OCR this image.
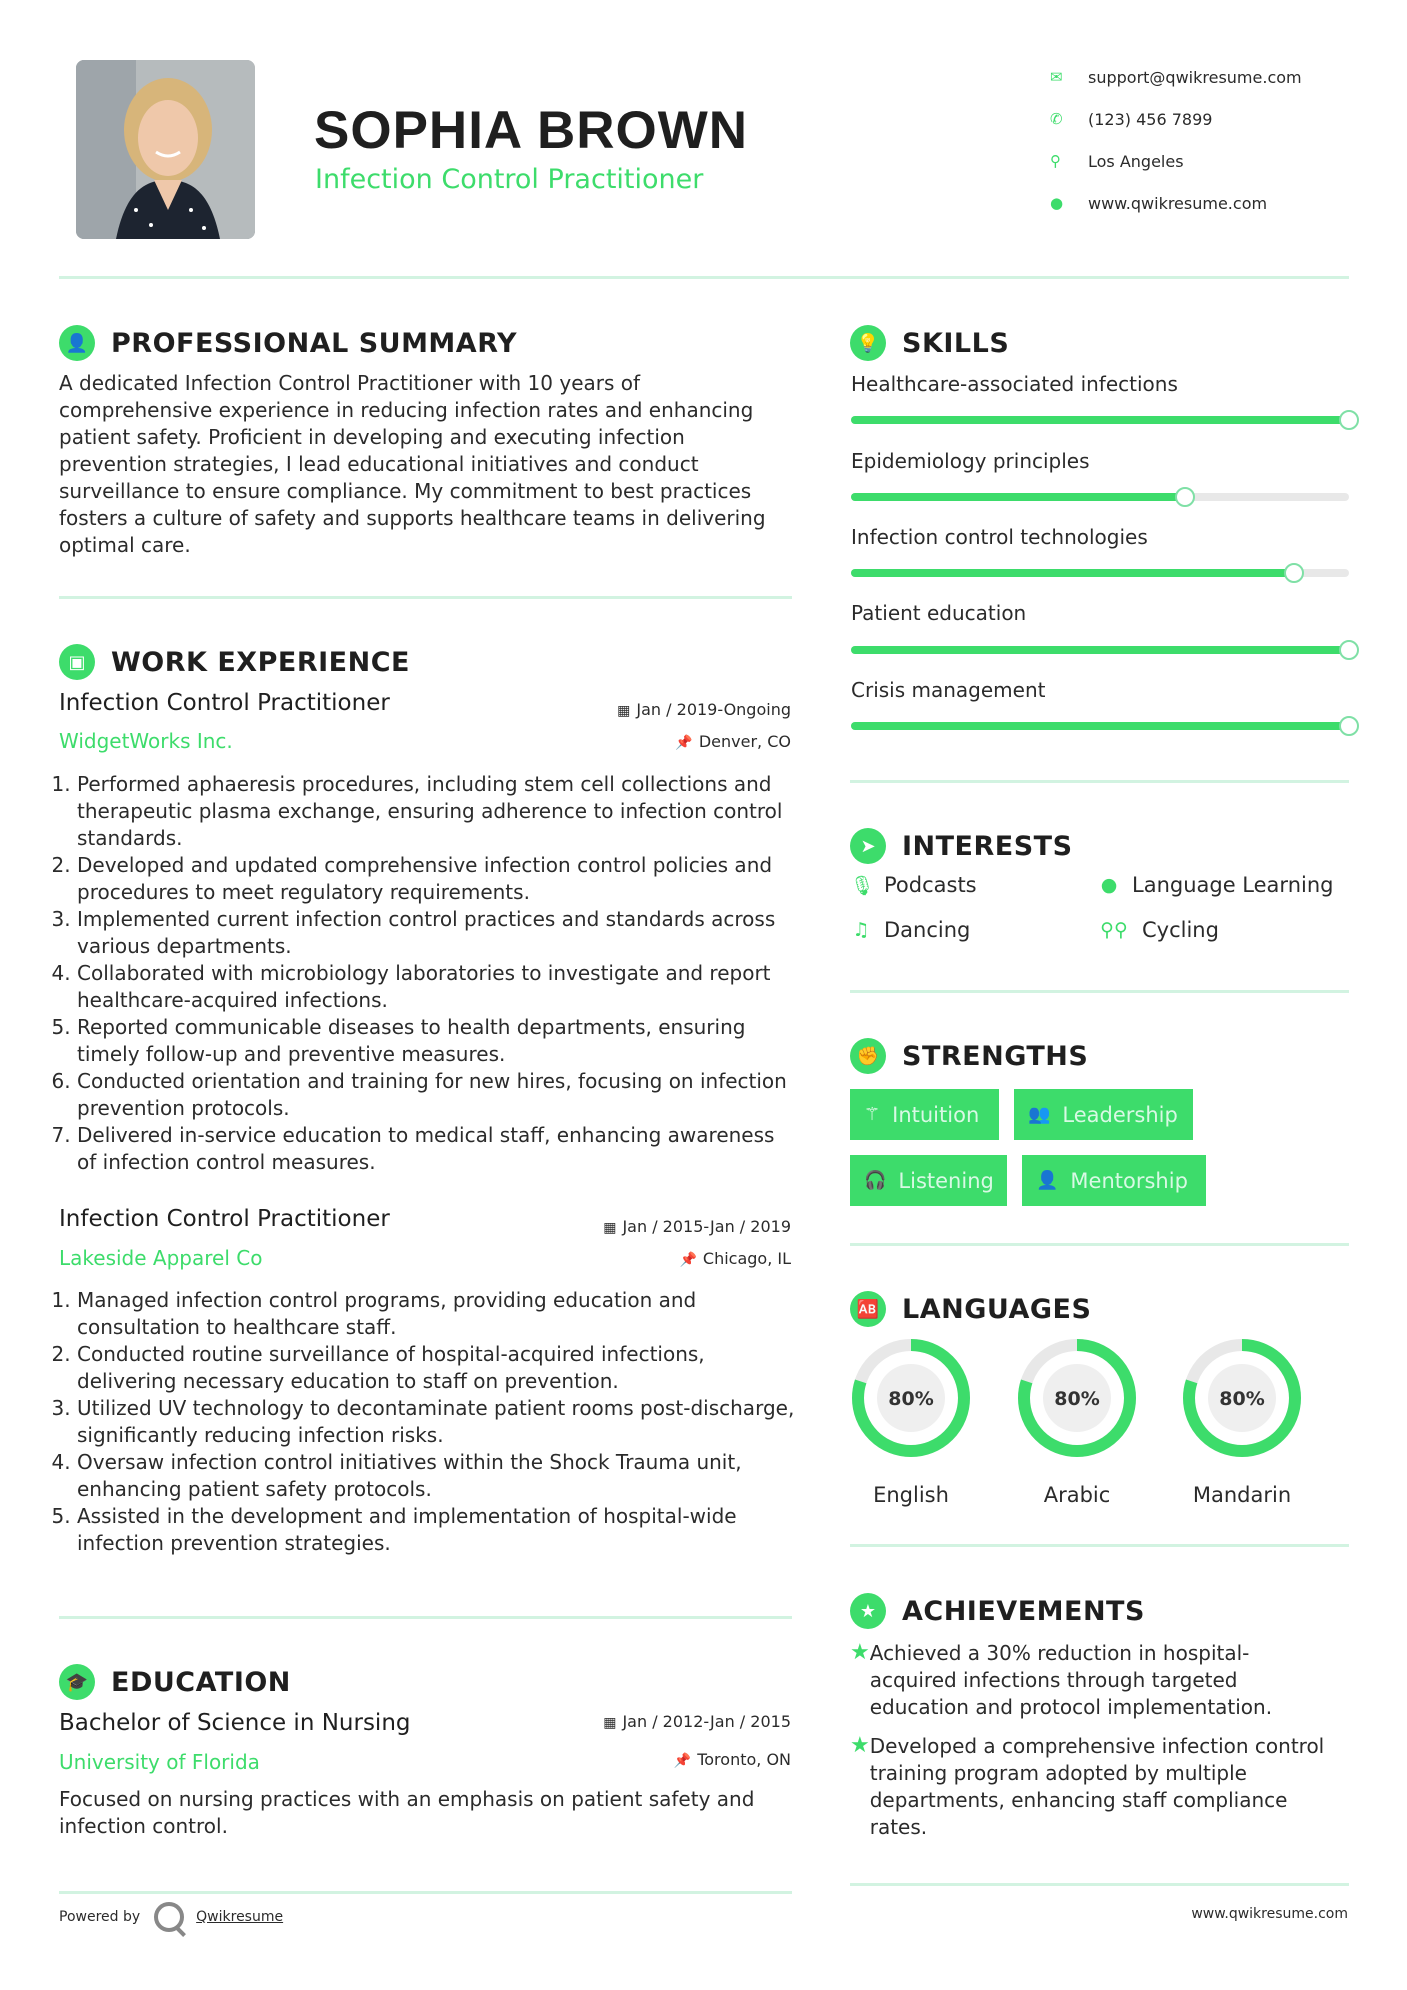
SOPHIA BROWN
Infection Control Practitioner
✉	support@qwikresume.com
✆	(123) 456 7899
⚲	Los Angeles
●	www.qwikresume.com
👤 PROFESSIONAL SUMMARY
A dedicated Infection Control Practitioner with 10 years of comprehensive experience in reducing infection rates and enhancing patient safety. Proficient in developing and executing infection prevention strategies, I lead educational initiatives and conduct surveillance to ensure compliance. My commitment to best practices fosters a culture of safety and supports healthcare teams in delivering optimal care.
▣ WORK EXPERIENCE
Infection Control Practitioner	▦ Jan / 2019-Ongoing
WidgetWorks Inc.	📌 Denver, CO
1. Performed aphaeresis procedures, including stem cell collections and therapeutic plasma exchange, ensuring adherence to infection control standards.
2. Developed and updated comprehensive infection control policies and procedures to meet regulatory requirements.
3. Implemented current infection control practices and standards across various departments.
4. Collaborated with microbiology laboratories to investigate and report healthcare-acquired infections.
5. Reported communicable diseases to health departments, ensuring timely follow-up and preventive measures.
6. Conducted orientation and training for new hires, focusing on infection prevention protocols.
7. Delivered in-service education to medical staff, enhancing awareness of infection control measures.
Infection Control Practitioner	▦ Jan / 2015-Jan / 2019
Lakeside Apparel Co	📌 Chicago, IL
1. Managed infection control programs, providing education and consultation to healthcare staff.
2. Conducted routine surveillance of hospital-acquired infections, delivering necessary education to staff on prevention.
3. Utilized UV technology to decontaminate patient rooms post-discharge, significantly reducing infection risks.
4. Oversaw infection control initiatives within the Shock Trauma unit, enhancing patient safety protocols.
5. Assisted in the development and implementation of hospital-wide infection prevention strategies.
🎓 EDUCATION
Bachelor of Science in Nursing	▦ Jan / 2012-Jan / 2015
University of Florida	📌 Toronto, ON
Focused on nursing practices with an emphasis on patient safety and infection control.
💡 SKILLS
Healthcare-associated infections
Epidemiology principles
Infection control technologies
Patient education
Crisis management
➤ INTERESTS
🎙 Podcasts	● Language Learning
♫ Dancing	⚲⚲ Cycling
✊ STRENGTHS
⚚ Intuition	👥 Leadership
🎧 Listening 👤 Mentorship
🆎 LANGUAGES
80%
English
80%
Arabic
80%
Mandarin
★ ACHIEVEMENTS
★ Achieved a 30% reduction in hospital-acquired infections through targeted education and protocol implementation.
★ Developed a comprehensive infection control training program adopted by multiple departments, enhancing staff compliance rates.
Powered by	Qwikresume	www.qwikresume.com
